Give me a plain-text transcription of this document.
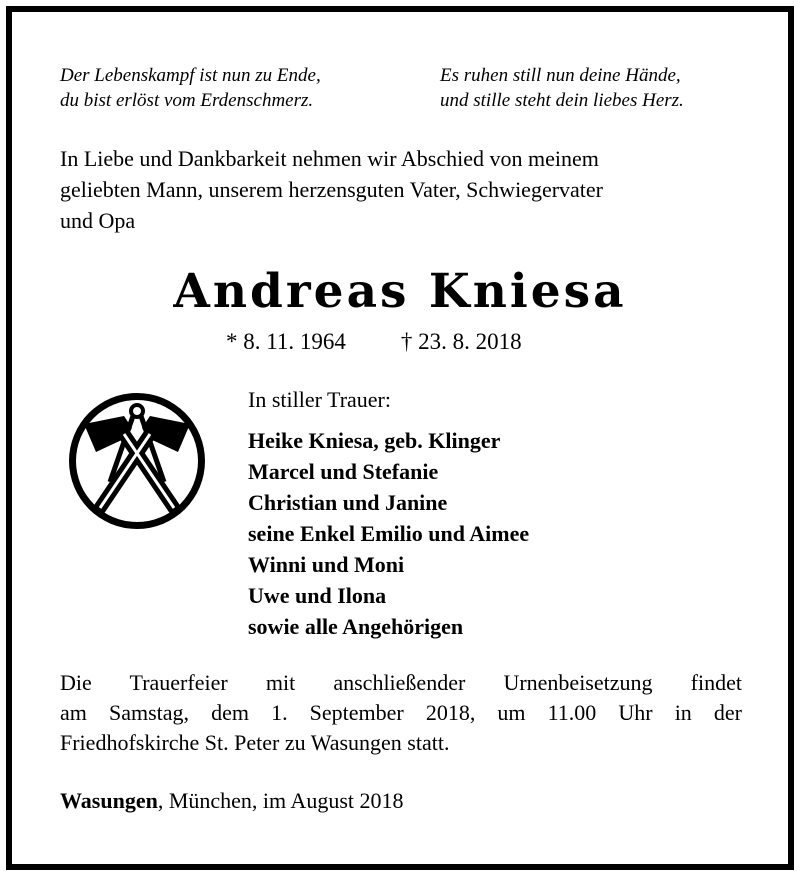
Der Lebenskampf ist nun zu Ende,
du bist erlöst vom Erdenschmerz.
Es ruhen still nun deine Hände,
und stille steht dein liebes Herz.
In Liebe und Dankbarkeit nehmen wir Abschied von meinem
geliebten Mann, unserem herzensguten Vater, Schwiegervater
und Opa
Andreas Kniesa
* 8. 11. 1964 † 23. 8. 2018
In stiller Trauer:
Heike Kniesa, geb. Klinger
Marcel und Stefanie
Christian und Janine
seine Enkel Emilio und Aimee
Winni und Moni
Uwe und Ilona
sowie alle Angehörigen
Die Trauerfeier mit anschließender Urnenbeisetzung findet
am Samstag, dem 1. September 2018, um 11.00 Uhr in der
Friedhofskirche St. Peter zu Wasungen statt.
Wasungen, München, im August 2018
